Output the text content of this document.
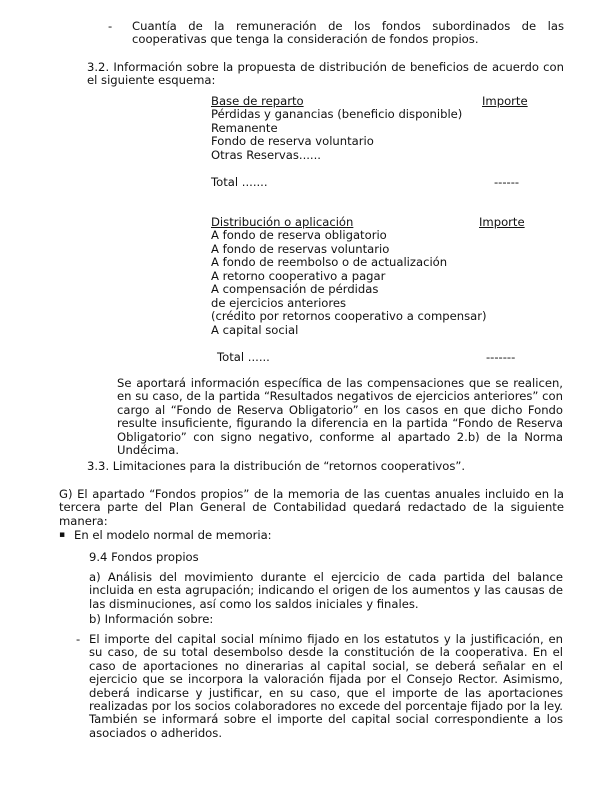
- Cuantía de la remuneración de los fondos subordinados de las cooperativas que tenga la consideración de fondos propios.
3.2. Información sobre la propuesta de distribución de beneficios de acuerdo con el siguiente esquema:
Base de reparto	Importe
Pérdidas y ganancias (beneficio disponible)
Remanente
Fondo de reserva voluntario
Otras Reservas......
Total .......	------
Distribución o aplicación	Importe
A fondo de reserva obligatorio
A fondo de reservas voluntario
A fondo de reembolso o de actualización
A retorno cooperativo a pagar
A compensación de pérdidas
de ejercicios anteriores
(crédito por retornos cooperativo a compensar)
A capital social
Total ......	-------
Se aportará información específica de las compensaciones que se realicen, en su caso, de la partida “Resultados negativos de ejercicios anteriores” con cargo al “Fondo de Reserva Obligatorio” en los casos en que dicho Fondo resulte insuficiente, figurando la diferencia en la partida “Fondo de Reserva Obligatorio” con signo negativo, conforme al apartado 2.b) de la Norma Undécima.
3.3. Limitaciones para la distribución de “retornos cooperativos”.
G) El apartado “Fondos propios” de la memoria de las cuentas anuales incluido en la tercera parte del Plan General de Contabilidad quedará redactado de la siguiente manera:
▪ En el modelo normal de memoria:
9.4 Fondos propios
a) Análisis del movimiento durante el ejercicio de cada partida del balance incluida en esta agrupación; indicando el origen de los aumentos y las causas de las disminuciones, así como los saldos iniciales y finales.
b) Información sobre:
- El importe del capital social mínimo fijado en los estatutos y la justificación, en su caso, de su total desembolso desde la constitución de la cooperativa. En el caso de aportaciones no dinerarias al capital social, se deberá señalar en el ejercicio que se incorpora la valoración fijada por el Consejo Rector. Asimismo, deberá indicarse y justificar, en su caso, que el importe de las aportaciones realizadas por los socios colaboradores no excede del porcentaje fijado por la ley. También se informará sobre el importe del capital social correspondiente a los asociados o adheridos.
